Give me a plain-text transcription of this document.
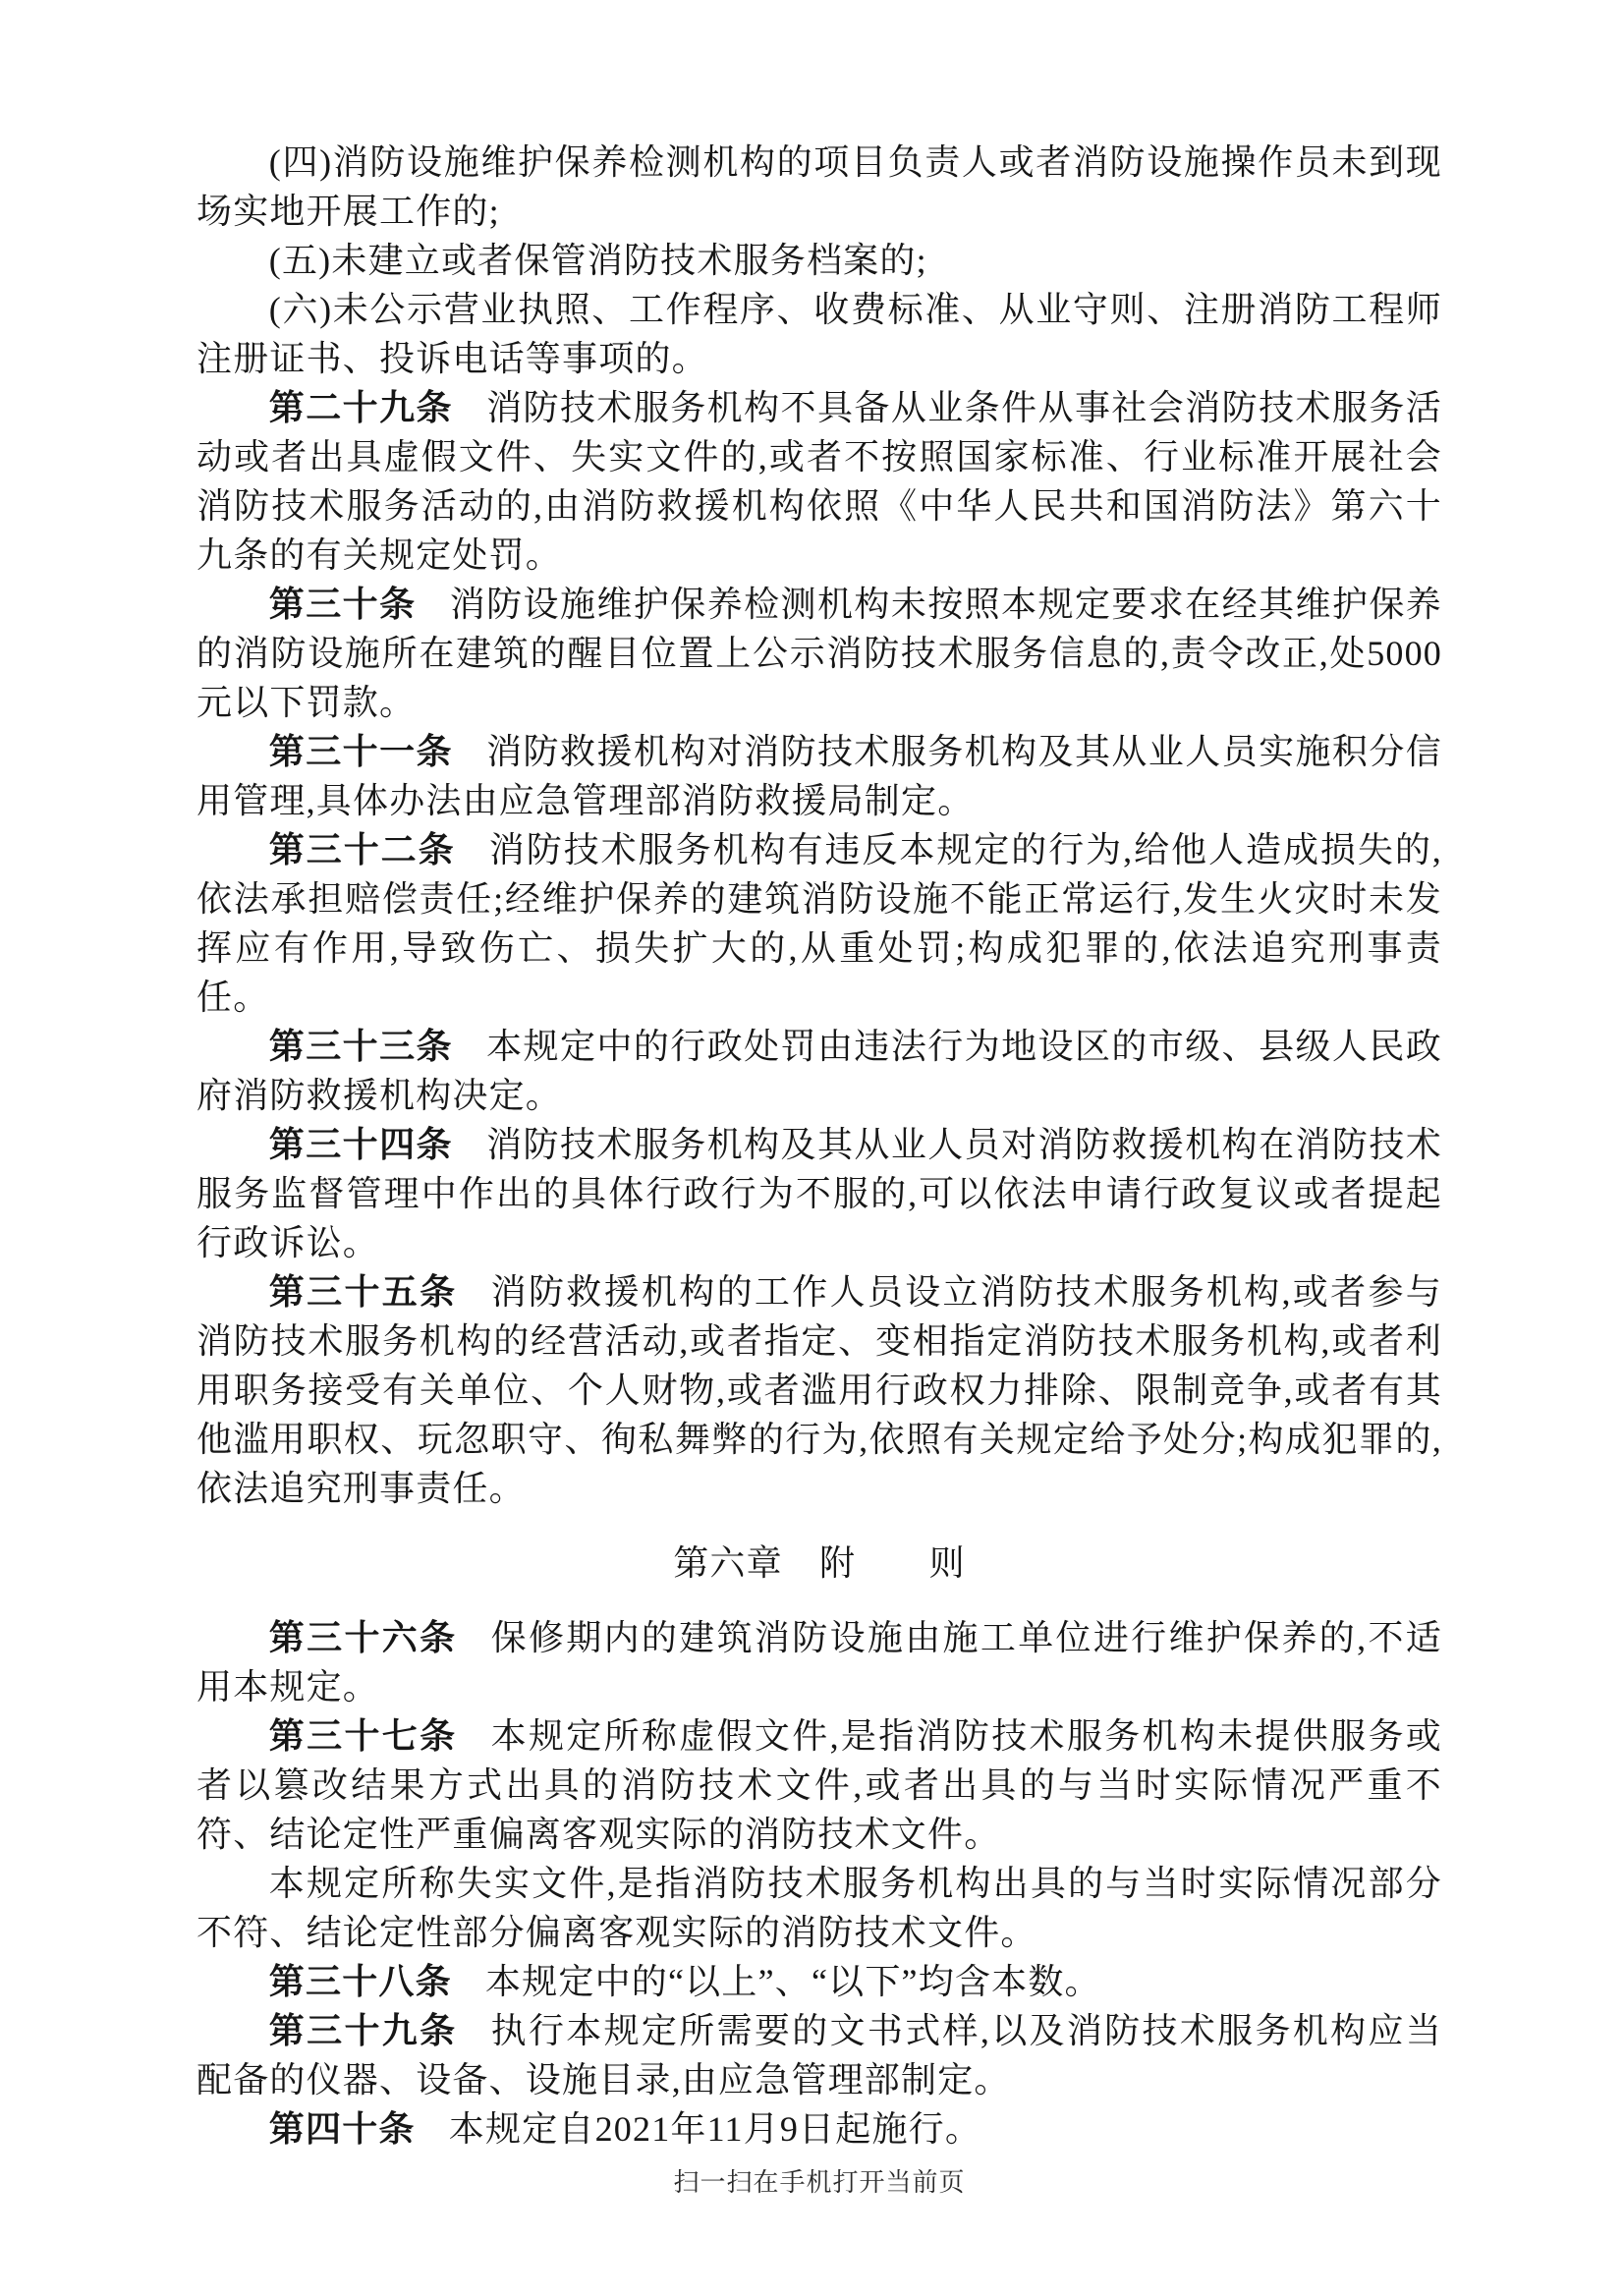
(四)消防设施维护保养检测机构的项目负责人或者消防设施操作员未到现场实地开展工作的;

(五)未建立或者保管消防技术服务档案的;

(六)未公示营业执照、工作程序、收费标准、从业守则、注册消防工程师注册证书、投诉电话等事项的。

第二十九条 消防技术服务机构不具备从业条件从事社会消防技术服务活动或者出具虚假文件、失实文件的,或者不按照国家标准、行业标准开展社会消防技术服务活动的,由消防救援机构依照《中华人民共和国消防法》第六十九条的有关规定处罚。

第三十条 消防设施维护保养检测机构未按照本规定要求在经其维护保养的消防设施所在建筑的醒目位置上公示消防技术服务信息的,责令改正,处5000元以下罚款。

第三十一条 消防救援机构对消防技术服务机构及其从业人员实施积分信用管理,具体办法由应急管理部消防救援局制定。

第三十二条 消防技术服务机构有违反本规定的行为,给他人造成损失的,依法承担赔偿责任;经维护保养的建筑消防设施不能正常运行,发生火灾时未发挥应有作用,导致伤亡、损失扩大的,从重处罚;构成犯罪的,依法追究刑事责任。

第三十三条 本规定中的行政处罚由违法行为地设区的市级、县级人民政府消防救援机构决定。

第三十四条 消防技术服务机构及其从业人员对消防救援机构在消防技术服务监督管理中作出的具体行政行为不服的,可以依法申请行政复议或者提起行政诉讼。

第三十五条 消防救援机构的工作人员设立消防技术服务机构,或者参与消防技术服务机构的经营活动,或者指定、变相指定消防技术服务机构,或者利用职务接受有关单位、个人财物,或者滥用行政权力排除、限制竞争,或者有其他滥用职权、玩忽职守、徇私舞弊的行为,依照有关规定给予处分;构成犯罪的,依法追究刑事责任。

第六章　附　　则

第三十六条 保修期内的建筑消防设施由施工单位进行维护保养的,不适用本规定。

第三十七条 本规定所称虚假文件,是指消防技术服务机构未提供服务或者以篡改结果方式出具的消防技术文件,或者出具的与当时实际情况严重不符、结论定性严重偏离客观实际的消防技术文件。

本规定所称失实文件,是指消防技术服务机构出具的与当时实际情况部分不符、结论定性部分偏离客观实际的消防技术文件。

第三十八条 本规定中的“以上”、“以下”均含本数。

第三十九条 执行本规定所需要的文书式样,以及消防技术服务机构应当配备的仪器、设备、设施目录,由应急管理部制定。

第四十条 本规定自2021年11月9日起施行。

扫一扫在手机打开当前页
